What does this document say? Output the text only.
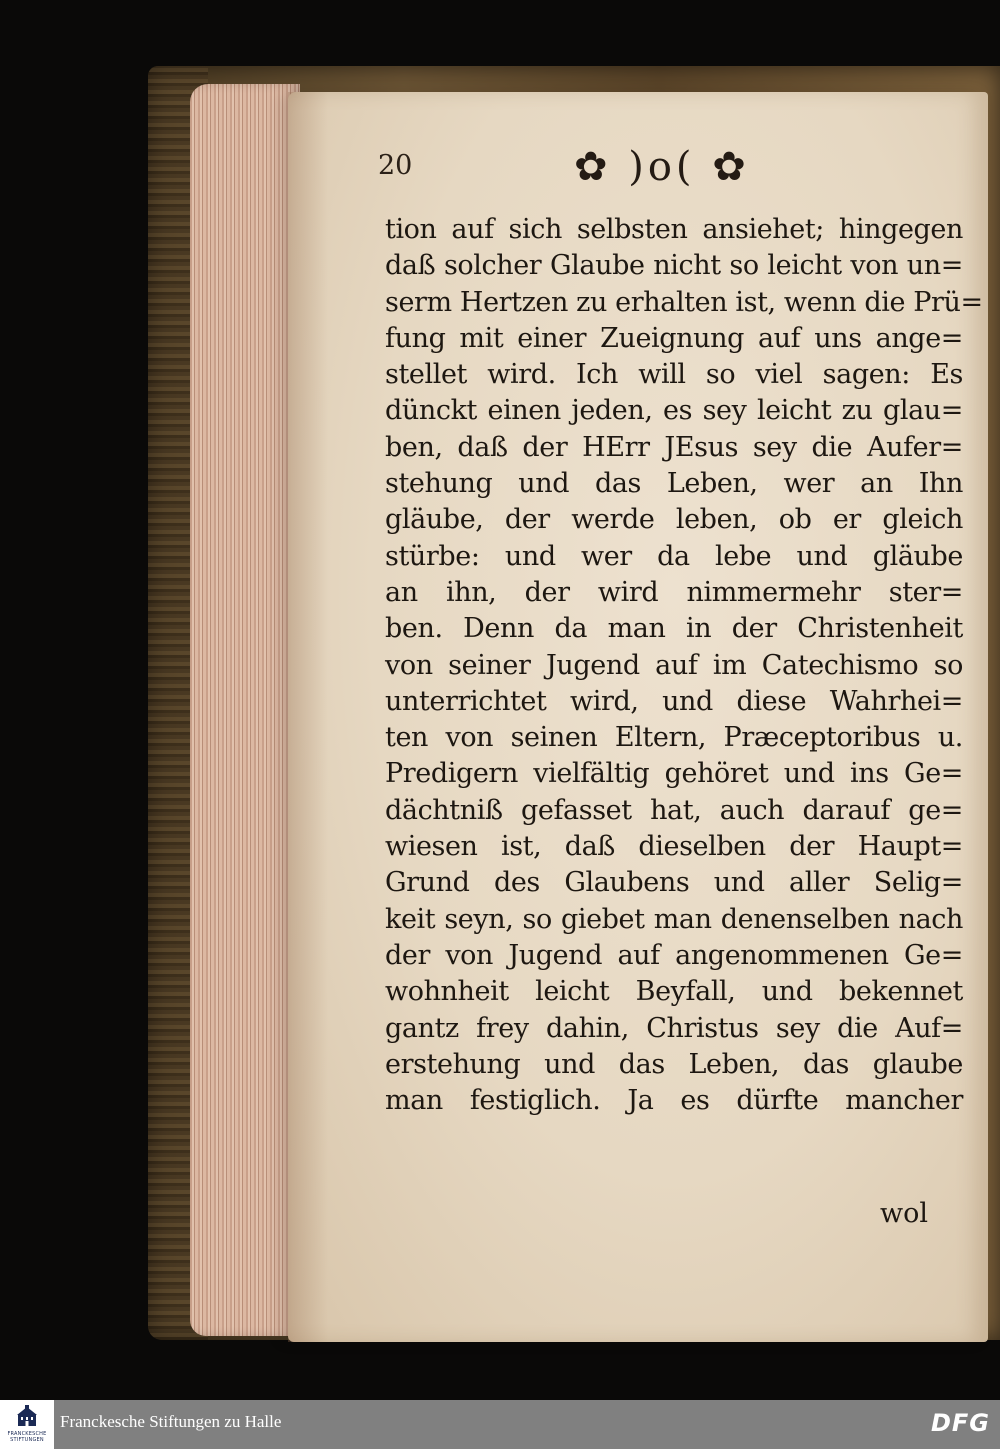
20	✿ )o( ✿
tion auf sich selbsten ansiehet; hingegen
daß solcher Glaube nicht so leicht von un=
serm Hertzen zu erhalten ist, wenn die Prü=
fung mit einer Zueignung auf uns ange=
stellet wird. Ich will so viel sagen: Es
dünckt einen jeden, es sey leicht zu glau=
ben, daß der HErr JEsus sey die Aufer=
stehung und das Leben, wer an Ihn
gläube, der werde leben, ob er gleich
stürbe: und wer da lebe und gläube
an ihn, der wird nimmermehr ster=
ben. Denn da man in der Christenheit
von seiner Jugend auf im Catechismo so
unterrichtet wird, und diese Wahrhei=
ten von seinen Eltern, Præceptoribus u.
Predigern vielfältig gehöret und ins Ge=
dächtniß gefasset hat, auch darauf ge=
wiesen ist, daß dieselben der Haupt=
Grund des Glaubens und aller Selig=
keit seyn, so giebet man denenselben nach
der von Jugend auf angenommenen Ge=
wohnheit leicht Beyfall, und bekennet
gantz frey dahin, Christus sey die Auf=
erstehung und das Leben, das glaube
man festiglich. Ja es dürfte mancher
wol
FRANCKESCHE STIFTUNGEN
Franckesche Stiftungen zu Halle	DFG
